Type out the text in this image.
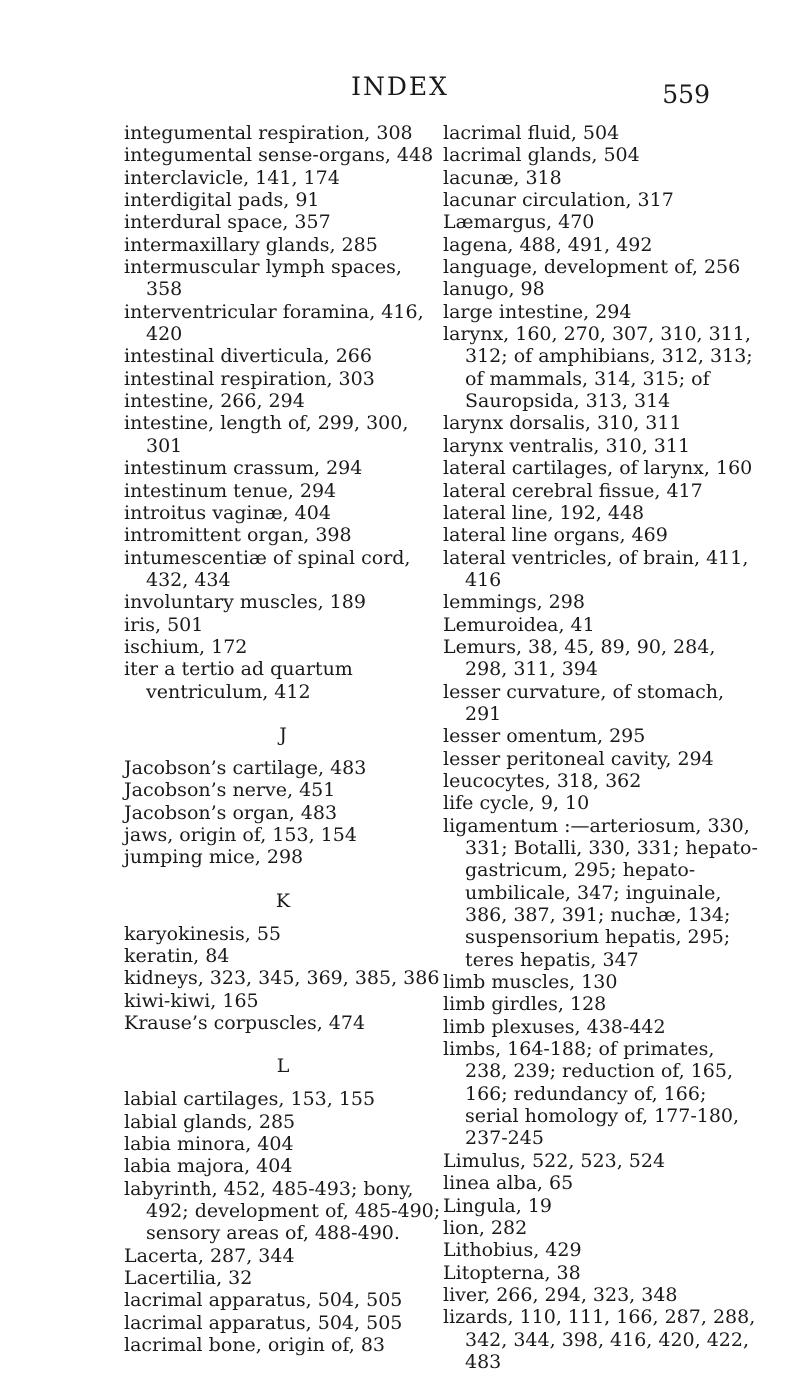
INDEX	559
integumental respiration, 308
integumental sense-organs, 448
interclavicle, 141, 174
interdigital pads, 91
interdural space, 357
intermaxillary glands, 285
intermuscular lymph spaces, 358
interventricular foramina, 416, 420
intestinal diverticula, 266
intestinal respiration, 303
intestine, 266, 294
intestine, length of, 299, 300, 301
intestinum crassum, 294
intestinum tenue, 294
introitus vaginæ, 404
intromittent organ, 398
intumescentiæ of spinal cord, 432, 434
involuntary muscles, 189
iris, 501
ischium, 172
iter a tertio ad quartum ventriculum, 412
J
Jacobson’s cartilage, 483
Jacobson’s nerve, 451
Jacobson’s organ, 483
jaws, origin of, 153, 154
jumping mice, 298
K
karyokinesis, 55
keratin, 84
kidneys, 323, 345, 369, 385, 386
kiwi-kiwi, 165
Krause’s corpuscles, 474
L
labial cartilages, 153, 155
labial glands, 285
labia minora, 404
labia majora, 404
labyrinth, 452, 485-493; bony, 492; development of, 485-490; sensory areas of, 488-490.
Lacerta, 287, 344
Lacertilia, 32
lacrimal apparatus, 504, 505
lacrimal apparatus, 504, 505
lacrimal bone, origin of, 83
lacrimal fluid, 504
lacrimal glands, 504
lacunæ, 318
lacunar circulation, 317
Læmargus, 470
lagena, 488, 491, 492
language, development of, 256
lanugo, 98
large intestine, 294
larynx, 160, 270, 307, 310, 311, 312; of amphibians, 312, 313; of mammals, 314, 315; of Sauropsida, 313, 314
larynx dorsalis, 310, 311
larynx ventralis, 310, 311
lateral cartilages, of larynx, 160
lateral cerebral fissue, 417
lateral line, 192, 448
lateral line organs, 469
lateral ventricles, of brain, 411, 416
lemmings, 298
Lemuroidea, 41
Lemurs, 38, 45, 89, 90, 284, 298, 311, 394
lesser curvature, of stomach, 291
lesser omentum, 295
lesser peritoneal cavity, 294
leucocytes, 318, 362
life cycle, 9, 10
ligamentum :—arteriosum, 330, 331; Botalli, 330, 331; hepato-gastricum, 295; hepato-umbilicale, 347; inguinale, 386, 387, 391; nuchæ, 134; suspensorium hepatis, 295; teres hepatis, 347
limb muscles, 130
limb girdles, 128
limb plexuses, 438-442
limbs, 164-188; of primates, 238, 239; reduction of, 165, 166; redundancy of, 166; serial homology of, 177-180, 237-245
Limulus, 522, 523, 524
linea alba, 65
Lingula, 19
lion, 282
Lithobius, 429
Litopterna, 38
liver, 266, 294, 323, 348
lizards, 110, 111, 166, 287, 288, 342, 344, 398, 416, 420, 422, 483
